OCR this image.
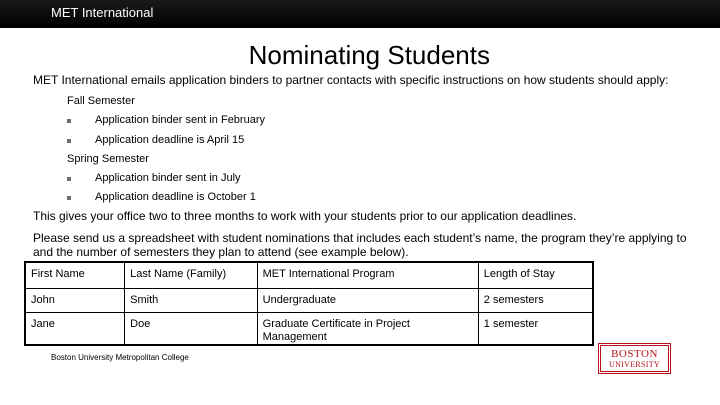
MET International
Nominating Students

MET International emails application binders to partner contacts with specific instructions on how students should apply:

Fall Semester
Application binder sent in February
Application deadline is April 15
Spring Semester
Application binder sent in July
Application deadline is October 1

This gives your office two to three months to work with your students prior to our application deadlines.

Please send us a spreadsheet with student nominations that includes each student’s name, the program they’re applying to and the number of semesters they plan to attend (see example below).

First Name	Last Name (Family)	MET International Program	Length of Stay
John	Smith	Undergraduate	2 semesters
Jane	Doe	Graduate Certificate in Project Management	1 semester
Boston University Metropolitan College	BOSTON
UNIVERSITY
